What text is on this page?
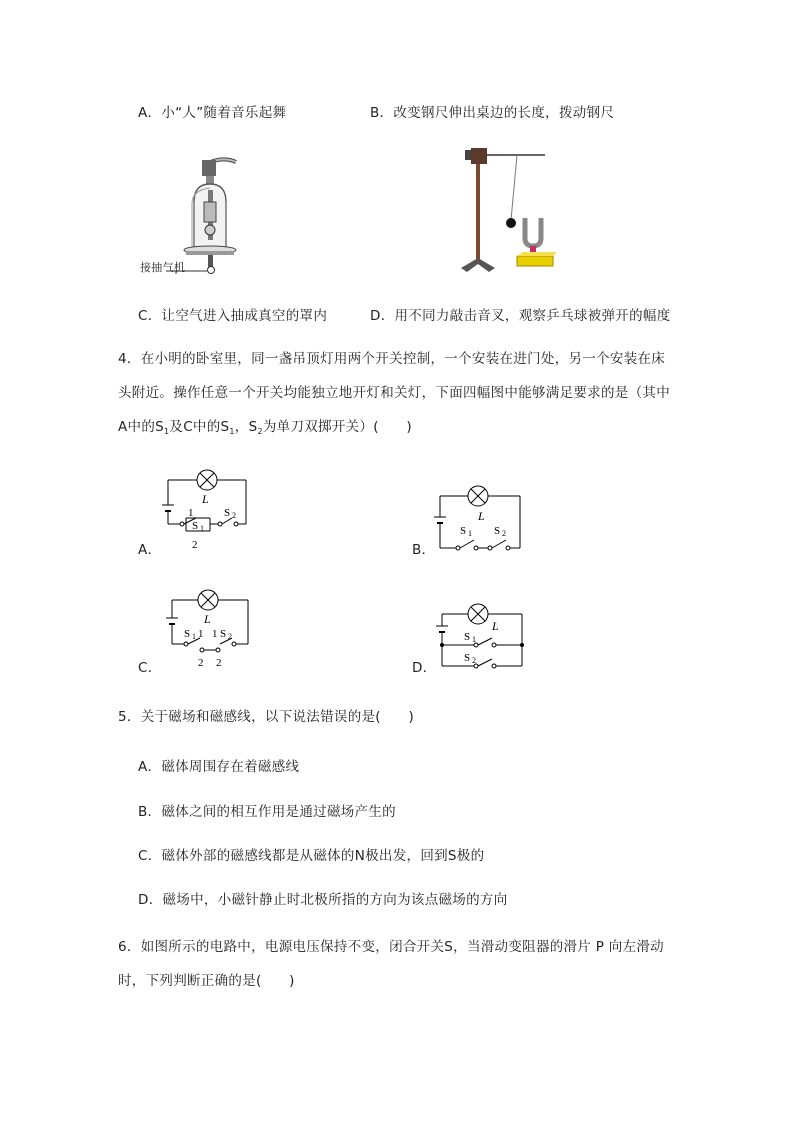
A．小“人”随着音乐起舞	B．改变钢尺伸出桌边的长度，拨动钢尺
接抽气机
C．让空气进入抽成真空的罩内	D．用不同力敲击音叉，观察乒乓球被弹开的幅度
4．在小明的卧室里，同一盏吊顶灯用两个开关控制，一个安装在进门处，另一个安装在床
头附近。操作任意一个开关均能独立地开灯和关灯，下面四幅图中能够满足要求的是（其中
A中的$S_1$及C中的$S_1$，$S_2$为单刀双掷开关）(　　)
L
1
S 1
S 2
2
A．
L
S 1 S 2
B．
L
S 1 1 1 S 2
2 2
C．
L
S 1
S 2
D．
5．关于磁场和磁感线，以下说法错误的是(　　)
A．磁体周围存在着磁感线
B．磁体之间的相互作用是通过磁场产生的
C．磁体外部的磁感线都是从磁体的N极出发，回到S极的
D．磁场中，小磁针静止时北极所指的方向为该点磁场的方向
6．如图所示的电路中，电源电压保持不变，闭合开关S，当滑动变阻器的滑片 P 向左滑动
时，下列判断正确的是(　　)
